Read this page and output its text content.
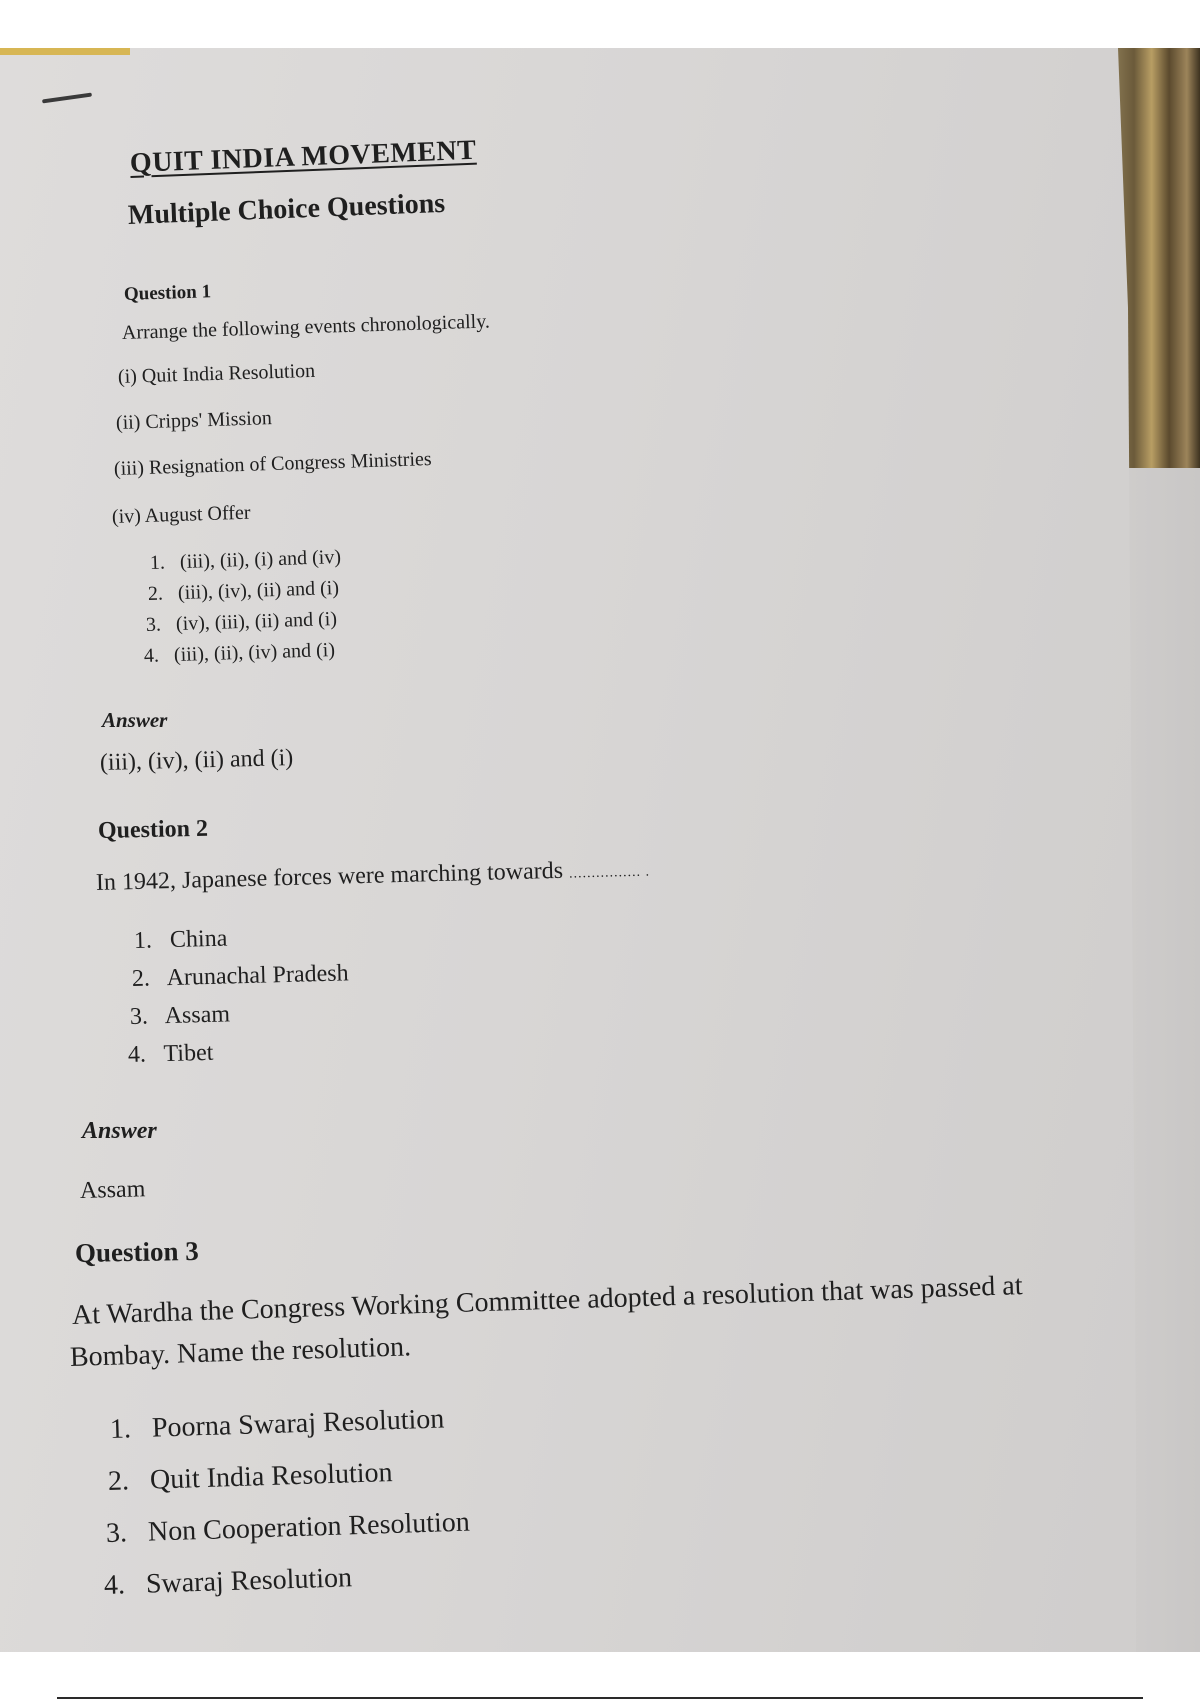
QUIT INDIA MOVEMENT
Multiple Choice Questions
Question 1
Arrange the following events chronologically.
(i) Quit India Resolution
(ii) Cripps' Mission
(iii) Resignation of Congress Ministries
(iv) August Offer
1. (iii), (ii), (i) and (iv)
2. (iii), (iv), (ii) and (i)
3. (iv), (iii), (ii) and (i)
4. (iii), (ii), (iv) and (i)
Answer
(iii), (iv), (ii) and (i)
Question 2
In 1942, Japanese forces were marching towards ................ .
1. China
2. Arunachal Pradesh
3. Assam
4. Tibet
Answer
Assam
Question 3
At Wardha the Congress Working Committee adopted a resolution that was passed at
Bombay. Name the resolution.
1. Poorna Swaraj Resolution
2. Quit India Resolution
3. Non Cooperation Resolution
4. Swaraj Resolution
